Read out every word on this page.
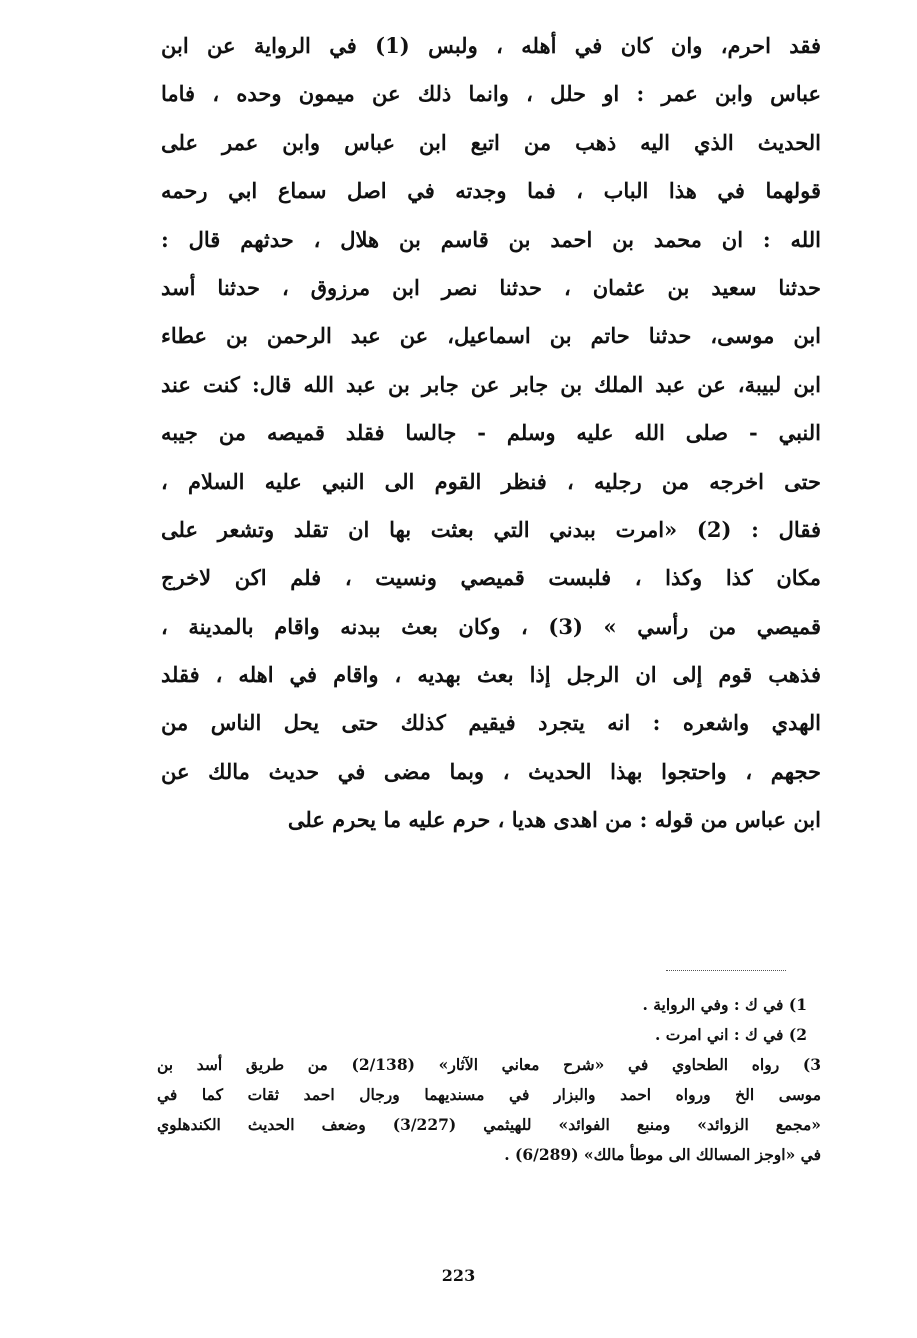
فقد احرم، وان كان في أهله ، ولبس (1) في الرواية عن ابن
عباس وابن عمر : او حلل ، وانما ذلك عن ميمون وحده ، فاما
الحديث الذي اليه ذهب من اتبع ابن عباس وابن عمر على
قولهما في هذا الباب ، فما وجدته في اصل سماع ابي رحمه
الله : ان محمد بن احمد بن قاسم بن هلال ، حدثهم قال :
حدثنا سعيد بن عثمان ، حدثنا نصر ابن مرزوق ، حدثنا أسد
ابن موسى، حدثنا حاتم بن اسماعيل، عن عبد الرحمن بن عطاء
ابن لبيبة، عن عبد الملك بن جابر عن جابر بن عبد الله قال: كنت عند
النبي - صلى الله عليه وسلم - جالسا فقلد قميصه من جيبه
حتى اخرجه من رجليه ، فنظر القوم الى النبي عليه السلام ،
فقال : (2) «امرت ببدني التي بعثت بها ان تقلد وتشعر على
مكان كذا وكذا ، فلبست قميصي ونسيت ، فلم اكن لاخرج
قميصي من رأسي » (3) ، وكان بعث ببدنه واقام بالمدينة ،
فذهب قوم إلى ان الرجل إذا بعث بهديه ، واقام في اهله ، فقلد
الهدي واشعره : انه يتجرد فيقيم كذلك حتى يحل الناس من
حجهم ، واحتجوا بهذا الحديث ، وبما مضى في حديث مالك عن
ابن عباس من قوله : من اهدى هديا ، حرم عليه ما يحرم على
1) في ك : وفي الرواية .
2) في ك : اني امرت .
3) رواه الطحاوي في «شرح معاني الآثار» (2/138) من طريق أسد بن
موسى الخ ورواه احمد والبزار في مسنديهما ورجال احمد ثقات كما في
«مجمع الزوائد» ومنبع الفوائد» للهيثمي (3/227) وضعف الحديث الكندهلوي
في «اوجز المسالك الى موطأ مالك» (6/289) .
223
